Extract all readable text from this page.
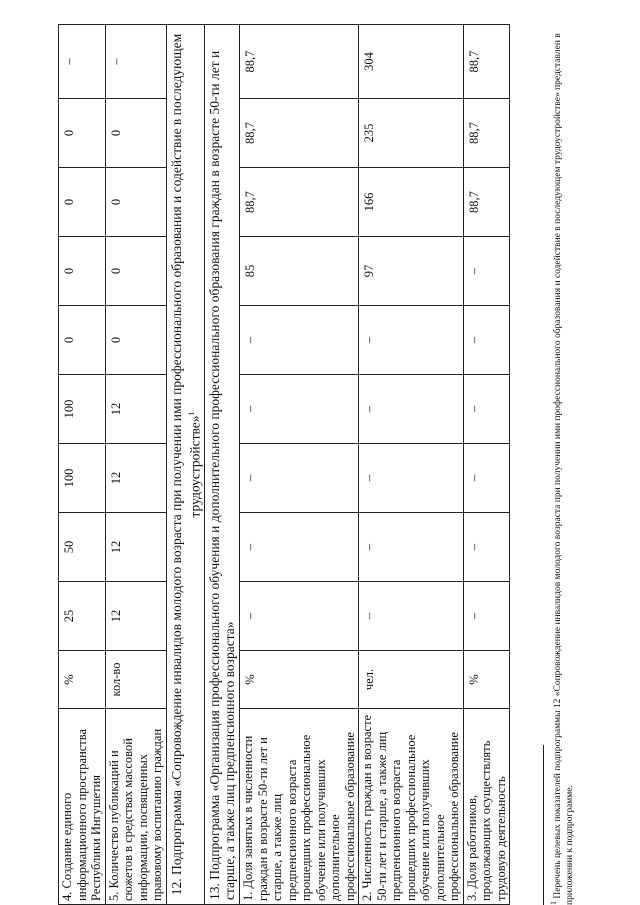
4. Создание единого информационного пространства Республики Ингушетия	%	25	50	100	100	0	0	0	0	–
5. Количество публикаций и сюжетов в средствах массовой информации, посвященных правовому воспитанию граждан	кол-во	12	12	12	12	0	0	0	0	–
12. Подпрограмма «Сопровождение инвалидов молодого возраста при получении ими профессионального образования и содействие в последующем трудоустройстве»$^1$
13. Подпрограмма «Организация профессионального обучения и дополнительного профессионального образования граждан в возрасте 50-ти лет и старше, а также лиц предпенсионного возраста»										
1. Доля занятых в численности граждан в возрасте 50-ти лет и старше, а также лиц предпенсионного возраста прошедших профессиональное обучение или получивших дополнительное профессиональное образование	%	–	–	–	–	–	85	88,7	88,7	88,7
2. Численность граждан в возрасте 50-ти лет и старше, а также лиц предпенсионного возраста прошедших профессиональное обучение или получивших дополнительное профессиональное образование	чел.	–	–	–	–	–	97	166	235	304
3. Доля работников, продолжающих осуществлять трудовую деятельность	%	–	–	–	–	–	–	88,7	88,7	88,7
$^1$ Перечень целевых показателей подпрограммы 12 «Сопровождение инвалидов молодого возраста при получении ими профессионального образования и содействие в последующем трудоустройстве» представлен в приложении к подпрограмме.
